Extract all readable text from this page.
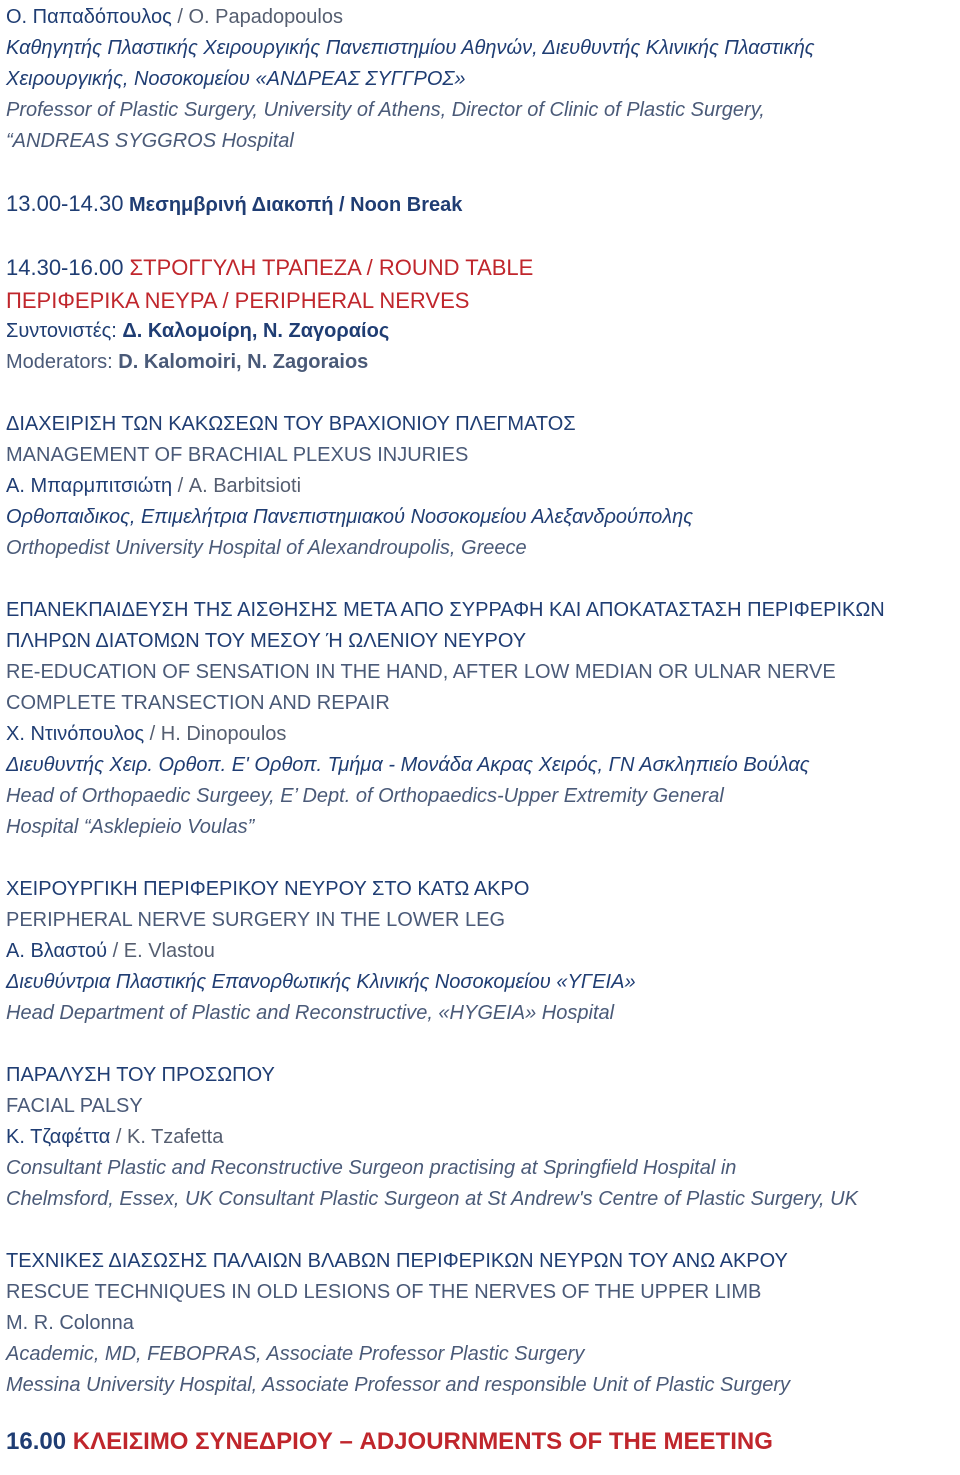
Ο. Παπαδόπουλος / Ο. Papadopoulos

Καθηγητής Πλαστικής Χειρουργικής Πανεπιστημίου Αθηνών, Διευθυντής Κλινικής Πλαστικής

Χειρουργικής, Νοσοκομείου «ΑΝΔΡΕΑΣ ΣΥΓΓΡΟΣ»

Professor of Plastic Surgery, University of Athens, Director of Clinic of Plastic Surgery,

“ANDREAS SYGGROS Hospital

13.00-14.30 Μεσημβρινή Διακοπή / Noon Break

14.30-16.00 ΣΤΡΟΓΓΥΛΗ ΤΡΑΠΕΖΑ / ROUND TABLE

ΠΕΡΙΦΕΡΙΚΑ ΝΕΥΡΑ / PERIPHERAL NERVES

Συντονιστές: Δ. Καλομοίρη, Ν. Ζαγοραίος

Moderators: D. Kalomoiri, N. Zagoraios

ΔΙΑΧΕΙΡΙΣΗ ΤΩΝ ΚΑΚΩΣΕΩΝ ΤΟΥ ΒΡΑΧΙΟΝΙΟΥ ΠΛΕΓΜΑΤΟΣ

MANAGEMENT OF BRACHIAL PLEXUS INJURIES

Α. Μπαρμπιτσιώτη / A. Barbitsioti

Ορθοπαιδικος, Επιμελήτρια Πανεπιστημιακού Νοσοκομείου Αλεξανδρούπολης

Orthopedist University Hospital of Alexandroupolis, Greece

ΕΠΑΝΕΚΠΑΙΔΕΥΣΗ ΤΗΣ ΑΙΣΘΗΣΗΣ ΜΕΤΑ ΑΠΟ ΣΥΡΡΑΦΗ ΚΑΙ ΑΠΟΚΑΤΑΣΤΑΣΗ ΠΕΡΙΦΕΡΙΚΩΝ

ΠΛΗΡΩΝ ΔΙΑΤΟΜΩΝ ΤΟΥ ΜΕΣΟΥ Ή ΩΛΕΝΙΟΥ ΝΕΥΡΟΥ

RE-EDUCATION OF SENSATION IN THE HAND, AFTER LOW MEDIAN OR ULNAR NERVE

COMPLETE TRANSECTION AND REPAIR

Χ. Ντινόπουλος / H. Dinopoulos

Διευθυντής Χειρ. Ορθοπ. Ε' Ορθοπ. Τμήμα - Μονάδα Ακρας Χειρός, ΓΝ Ασκληπιείο Βούλας

Head of Orthopaedic Surgeey, E’ Dept. of Orthopaedics-Upper Extremity General

Hospital “Asklepieio Voulas”

ΧΕΙΡΟΥΡΓΙΚΗ ΠΕΡΙΦΕΡΙΚΟΥ ΝΕΥΡΟΥ ΣΤΟ ΚΑΤΩ ΑΚΡΟ

PERIPHERAL NERVE SURGERY IN THE LOWER LEG

Α. Βλαστού / E. Vlastou

Διευθύντρια Πλαστικής Επανορθωτικής Κλινικής Νοσοκομείου «ΥΓΕΙΑ»

Head Department of Plastic and Reconstructive, «HYGEIA» Hospital

ΠΑΡΑΛΥΣΗ ΤΟΥ ΠΡΟΣΩΠΟΥ

FACIAL PALSY

Κ. Τζαφέττα / K. Tzafetta

Consultant Plastic and Reconstructive Surgeon practising at Springfield Hospital in

Chelmsford, Essex, UK Consultant Plastic Surgeon at St Andrew's Centre of Plastic Surgery, UK

ΤΕΧΝΙΚΕΣ ΔΙΑΣΩΣΗΣ ΠΑΛΑΙΩΝ ΒΛΑΒΩΝ ΠΕΡΙΦΕΡΙΚΩΝ ΝΕΥΡΩΝ ΤΟΥ ΑΝΩ ΑΚΡΟΥ

RESCUE TECHNIQUES IN OLD LESIONS OF THE NERVES OF THE UPPER LIMB

M. R. Colonna

Academic, MD, FEBOPRAS, Associate Professor Plastic Surgery

Messina University Hospital, Associate Professor and responsible Unit of Plastic Surgery

16.00 ΚΛΕΙΣΙΜΟ ΣΥΝΕΔΡΙΟΥ – ADJOURNMENTS OF THE MEETING
